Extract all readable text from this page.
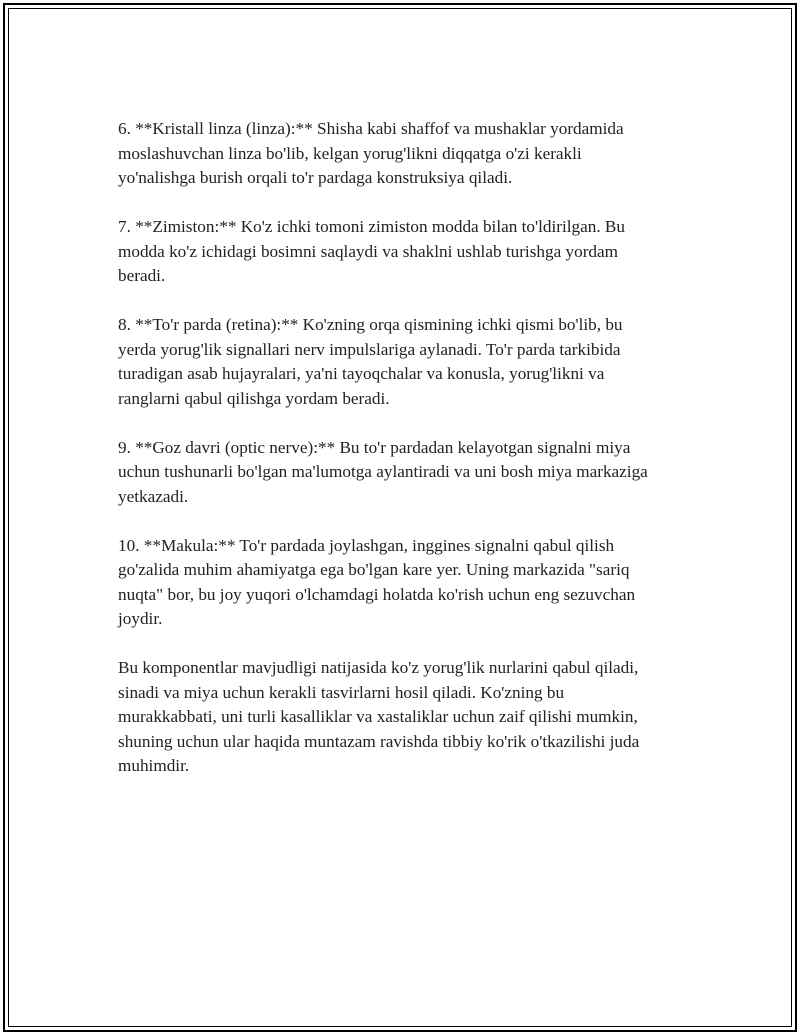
6. **Kristall linza (linza):** Shisha kabi shaffof va mushaklar yordamida
moslashuvchan linza bo'lib, kelgan yorug'likni diqqatga o'zi kerakli
yo'nalishga burish orqali to'r pardaga konstruksiya qiladi.

7. **Zimiston:** Ko'z ichki tomoni zimiston modda bilan to'ldirilgan. Bu
modda ko'z ichidagi bosimni saqlaydi va shaklni ushlab turishga yordam
beradi.

8. **To'r parda (retina):** Ko'zning orqa qismining ichki qismi bo'lib, bu
yerda yorug'lik signallari nerv impulslariga aylanadi. To'r parda tarkibida
turadigan asab hujayralari, ya'ni tayoqchalar va konusla, yorug'likni va
ranglarni qabul qilishga yordam beradi.

9. **Goz davri (optic nerve):** Bu to'r pardadan kelayotgan signalni miya
uchun tushunarli bo'lgan ma'lumotga aylantiradi va uni bosh miya markaziga
yetkazadi.

10. **Makula:** To'r pardada joylashgan, inggines signalni qabul qilish
go'zalida muhim ahamiyatga ega bo'lgan kare yer. Uning markazida "sariq
nuqta" bor, bu joy yuqori o'lchamdagi holatda ko'rish uchun eng sezuvchan
joydir.

Bu komponentlar mavjudligi natijasida ko'z yorug'lik nurlarini qabul qiladi,
sinadi va miya uchun kerakli tasvirlarni hosil qiladi. Ko'zning bu
murakkabbati, uni turli kasalliklar va xastaliklar uchun zaif qilishi mumkin,
shuning uchun ular haqida muntazam ravishda tibbiy ko'rik o'tkazilishi juda
muhimdir.
